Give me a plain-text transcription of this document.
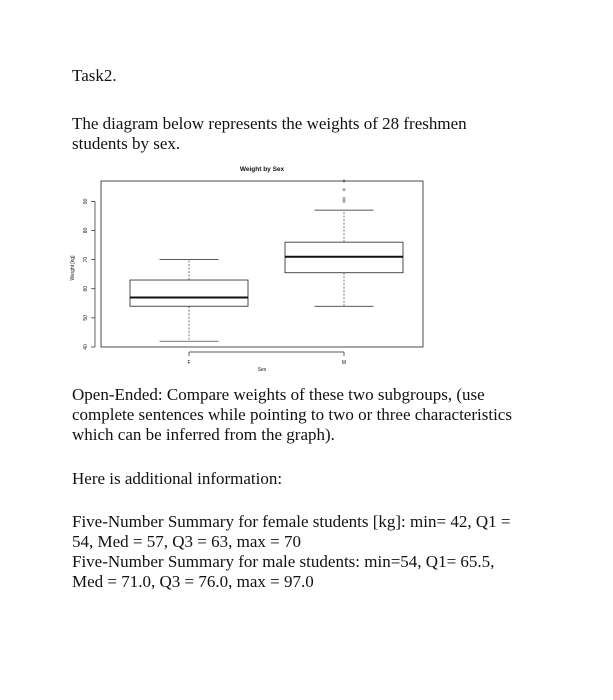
Task2.

The diagram below represents the weights of 28 freshmen

students by sex.

Weight by Sex
40
50
60
70
80
90
F	M
Weight [kg]
Sex

Open-Ended: Compare weights of these two subgroups, (use

complete sentences while pointing to two or three characteristics

which can be inferred from the graph).

Here is additional information:

Five-Number Summary for female students [kg]: min= 42, Q1 =

54, Med = 57, Q3 = 63, max = 70

Five-Number Summary for male students: min=54, Q1= 65.5,

Med = 71.0, Q3 = 76.0, max = 97.0
